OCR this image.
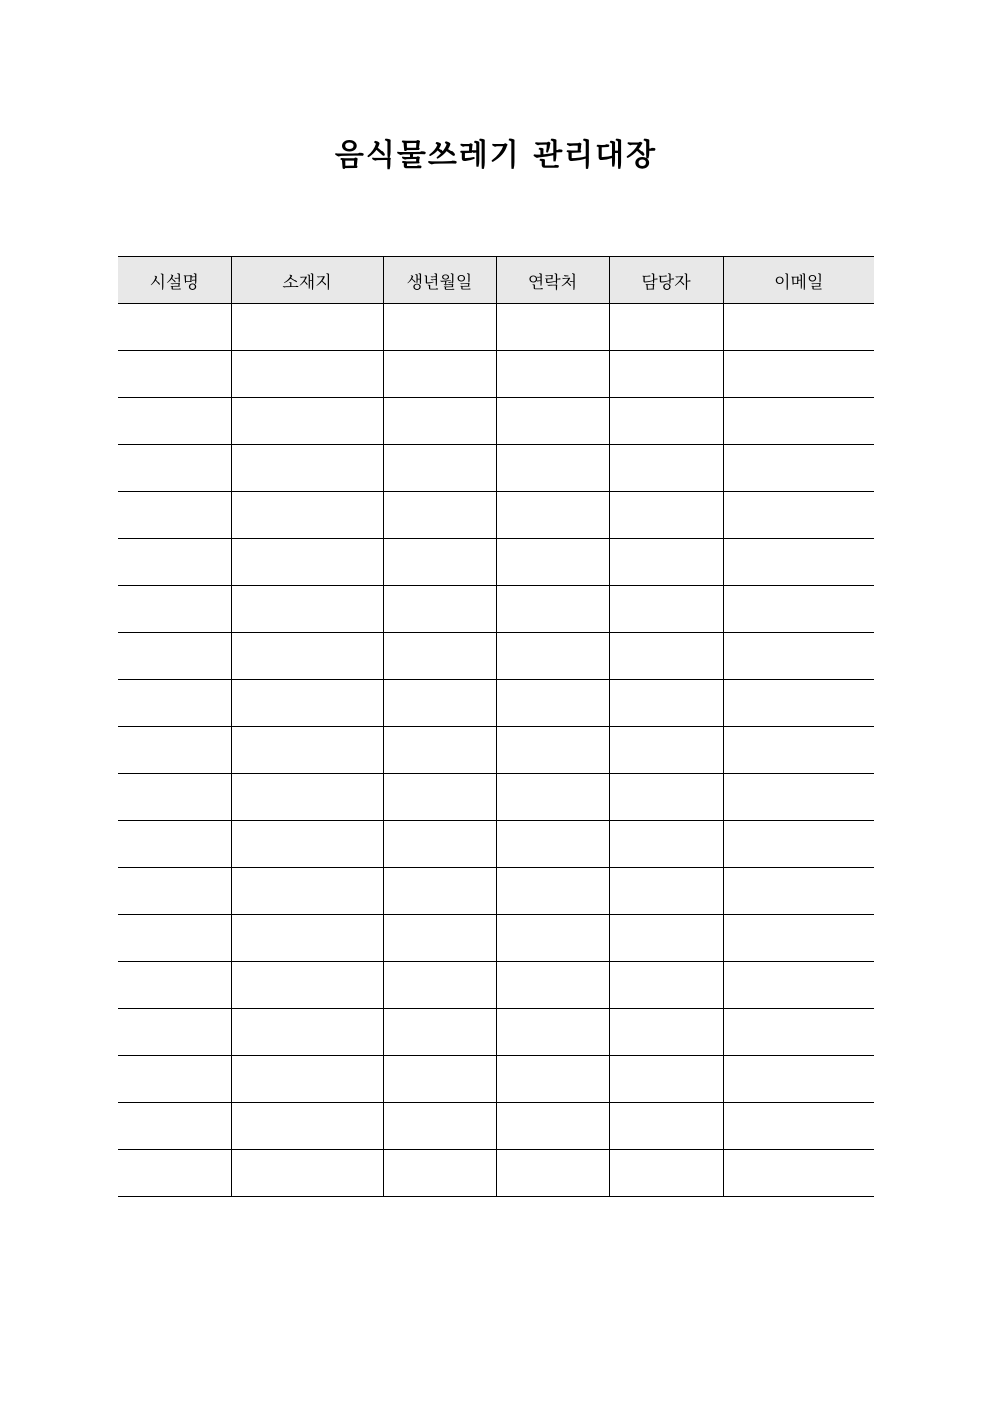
음식물쓰레기 관리대장
시설명	소재지	생년월일	연락처	담당자	이메일
